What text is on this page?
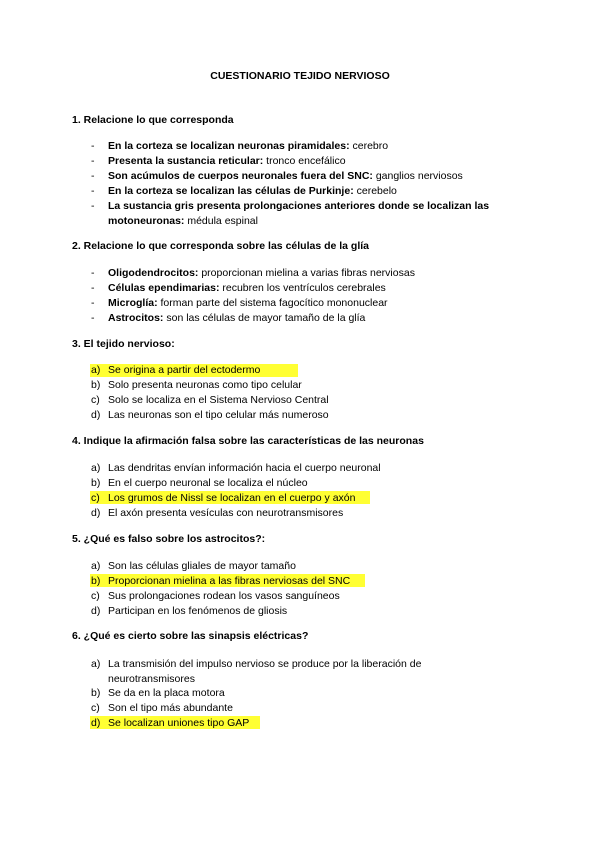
CUESTIONARIO TEJIDO NERVIOSO
1. Relacione lo que corresponda
- En la corteza se localizan neuronas piramidales: cerebro
- Presenta la sustancia reticular: tronco encefálico
- Son acúmulos de cuerpos neuronales fuera del SNC: ganglios nerviosos
- En la corteza se localizan las células de Purkinje: cerebelo
- La sustancia gris presenta prolongaciones anteriores donde se localizan las
motoneuronas: médula espinal
2. Relacione lo que corresponda sobre las células de la glía
- Oligodendrocitos: proporcionan mielina a varias fibras nerviosas
- Células ependimarias: recubren los ventrículos cerebrales
- Microglía: forman parte del sistema fagocítico mononuclear
- Astrocitos: son las células de mayor tamaño de la glía
3. El tejido nervioso:
a) Se origina a partir del ectodermo
b) Solo presenta neuronas como tipo celular
c) Solo se localiza en el Sistema Nervioso Central
d) Las neuronas son el tipo celular más numeroso
4. Indique la afirmación falsa sobre las características de las neuronas
a) Las dendritas envían información hacia el cuerpo neuronal
b) En el cuerpo neuronal se localiza el núcleo
c) Los grumos de Nissl se localizan en el cuerpo y axón
d) El axón presenta vesículas con neurotransmisores
5. ¿Qué es falso sobre los astrocitos?:
a) Son las células gliales de mayor tamaño
b) Proporcionan mielina a las fibras nerviosas del SNC
c) Sus prolongaciones rodean los vasos sanguíneos
d) Participan en los fenómenos de gliosis
6. ¿Qué es cierto sobre las sinapsis eléctricas?
a) La transmisión del impulso nervioso se produce por la liberación de
neurotransmisores
b) Se da en la placa motora
c) Son el tipo más abundante
d) Se localizan uniones tipo GAP
